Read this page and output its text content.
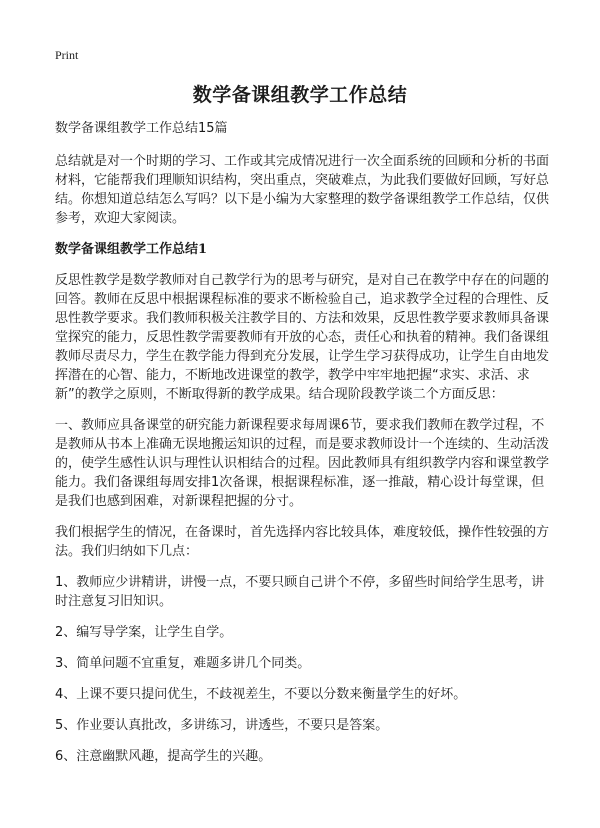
Print
数学备课组教学工作总结

数学备课组教学工作总结15篇

总结就是对一个时期的学习、工作或其完成情况进行一次全面系统的回顾和分析的书面材料，它能帮我们理顺知识结构，突出重点，突破难点，为此我们要做好回顾，写好总结。你想知道总结怎么写吗？以下是小编为大家整理的数学备课组教学工作总结，仅供参考，欢迎大家阅读。

数学备课组教学工作总结1

反思性教学是数学教师对自己教学行为的思考与研究，是对自己在教学中存在的问题的回答。教师在反思中根据课程标准的要求不断检验自己，追求教学全过程的合理性、反思性教学要求。我们教师积极关注教学目的、方法和效果，反思性教学要求教师具备课堂探究的能力，反思性教学需要教师有开放的心态，责任心和执着的精神。我们备课组教师尽责尽力，学生在教学能力得到充分发展，让学生学习获得成功，让学生自由地发挥潜在的心智、能力，不断地改进课堂的教学，教学中牢牢地把握“求实、求活、求新”的教学之原则，不断取得新的教学成果。结合现阶段教学谈二个方面反思：

一、教师应具备课堂的研究能力新课程要求每周课6节，要求我们教师在教学过程，不是教师从书本上准确无误地搬运知识的过程，而是要求教师设计一个连续的、生动活泼的，使学生感性认识与理性认识相结合的过程。因此教师具有组织教学内容和课堂教学能力。我们备课组每周安排1次备课，根据课程标准，逐一推敲，精心设计每堂课，但是我们也感到困难，对新课程把握的分寸。

我们根据学生的情况，在备课时，首先选择内容比较具体，难度较低，操作性较强的方法。我们归纳如下几点：

1、教师应少讲精讲，讲慢一点，不要只顾自己讲个不停，多留些时间给学生思考，讲时注意复习旧知识。
2、编写导学案，让学生自学。
3、简单问题不宜重复，难题多讲几个同类。
4、上课不要只提问优生，不歧视差生，不要以分数来衡量学生的好坏。
5、作业要认真批改，多讲练习，讲透些，不要只是答案。
6、注意幽默风趣，提高学生的兴趣。
